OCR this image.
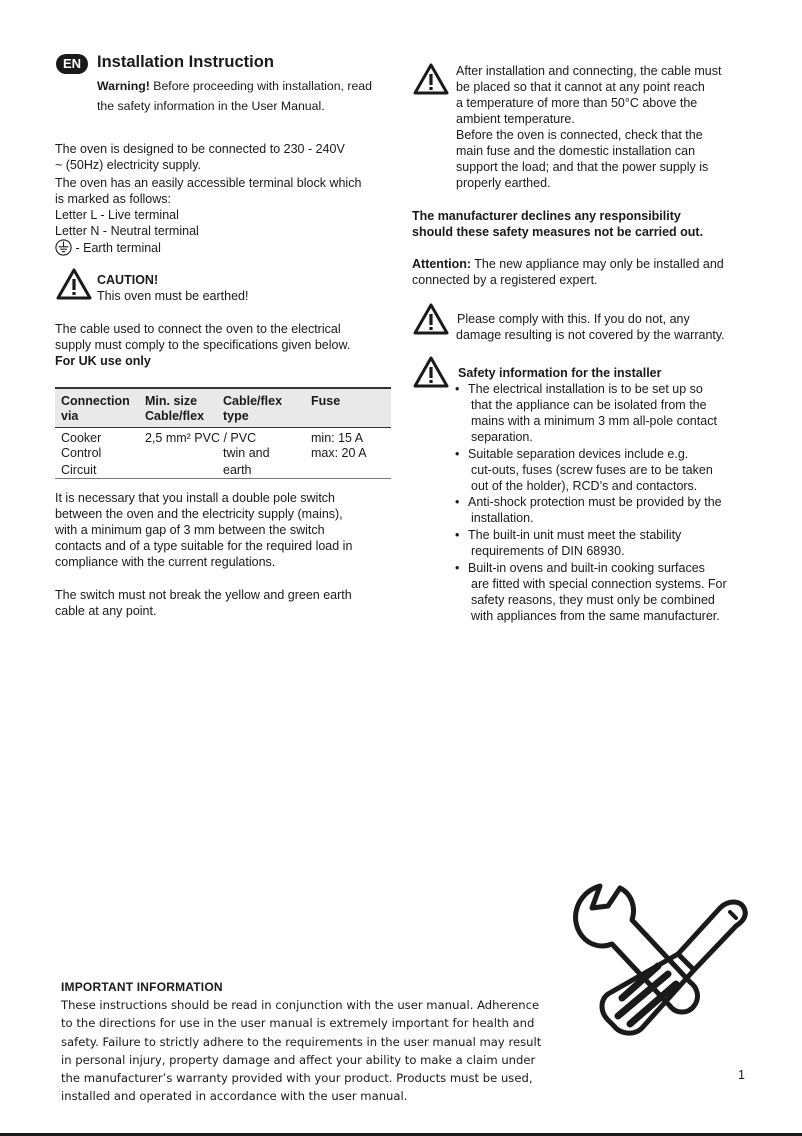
EN Installation Instruction
Warning! Before proceeding with installation, read
the safety information in the User Manual.
The oven is designed to be connected to 230 - 240V
~ (50Hz) electricity supply.
The oven has an easily accessible terminal block which
is marked as follows:
Letter L - Live terminal
Letter N - Neutral terminal
- Earth terminal
CAUTION!
This oven must be earthed!
The cable used to connect the oven to the electrical
supply must comply to the specifications given below.
For UK use only
Connection
via
Min. size
Cable/flex
Cable/flex
type
Fuse
Cooker
Control
Circuit
2,5 mm² PVC / PVC
twin and
earth
min: 15 A
max: 20 A
It is necessary that you install a double pole switch
between the oven and the electricity supply (mains),
with a minimum gap of 3 mm between the switch
contacts and of a type suitable for the required load in
compliance with the current regulations.
The switch must not break the yellow and green earth
cable at any point.
After installation and connecting, the cable must
be placed so that it cannot at any point reach
a temperature of more than 50°C above the
ambient temperature.
Before the oven is connected, check that the
main fuse and the domestic installation can
support the load; and that the power supply is
properly earthed.
The manufacturer declines any responsibility
should these safety measures not be carried out.
Attention: The new appliance may only be installed and
connected by a registered expert.
Please comply with this. If you do not, any
damage resulting is not covered by the warranty.
Safety information for the installer
• The electrical installation is to be set up so
that the appliance can be isolated from the
mains with a minimum 3 mm all-pole contact
separation.
• Suitable separation devices include e.g.
cut-outs, fuses (screw fuses are to be taken
out of the holder), RCD’s and contactors.
• Anti-shock protection must be provided by the
installation.
• The built-in unit must meet the stability
requirements of DIN 68930.
• Built-in ovens and built-in cooking surfaces
are fitted with special connection systems. For
safety reasons, they must only be combined
with appliances from the same manufacturer.
IMPORTANT INFORMATION
These instructions should be read in conjunction with the user manual. Adherence
to the directions for use in the user manual is extremely important for health and
safety. Failure to strictly adhere to the requirements in the user manual may result
in personal injury, property damage and affect your ability to make a claim under
the manufacturer’s warranty provided with your product. Products must be used,
installed and operated in accordance with the user manual.
1
